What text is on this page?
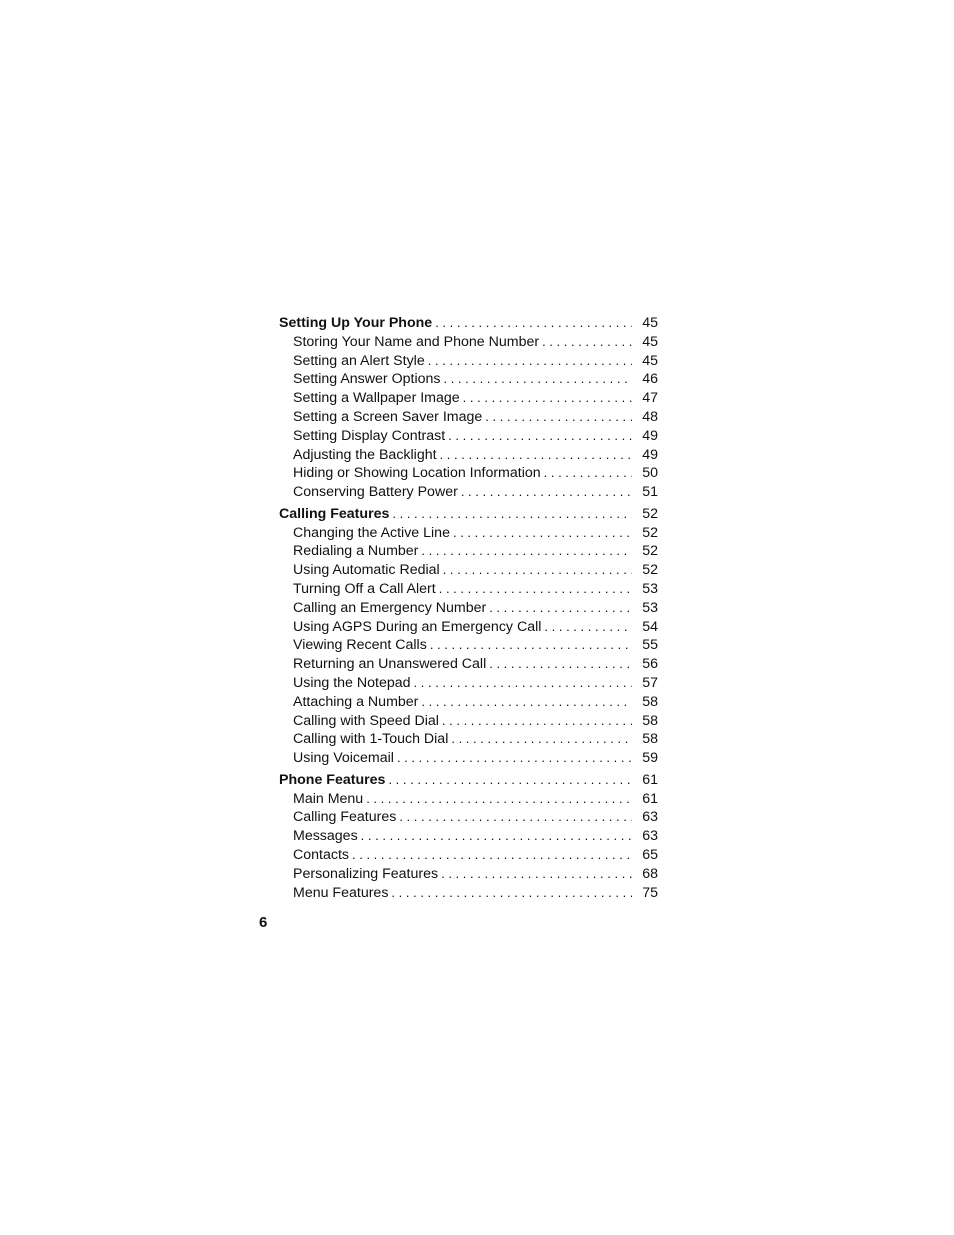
Setting Up Your Phone . . .	45
Storing Your Name and Phone Number . . .	45
Setting an Alert Style . . .	45
Setting Answer Options . . .	46
Setting a Wallpaper Image . . .	47
Setting a Screen Saver Image . . .	48
Setting Display Contrast . . .	49
Adjusting the Backlight . . .	49
Hiding or Showing Location Information . . .	50
Conserving Battery Power . . .	51
Calling Features . . .	52
Changing the Active Line . . .	52
Redialing a Number . . .	52
Using Automatic Redial . . .	52
Turning Off a Call Alert . . .	53
Calling an Emergency Number . . .	53
Using AGPS During an Emergency Call . . .	54
Viewing Recent Calls . . .	55
Returning an Unanswered Call . . .	56
Using the Notepad . . .	57
Attaching a Number . . .	58
Calling with Speed Dial . . .	58
Calling with 1-Touch Dial . . .	58
Using Voicemail . . .	59
Phone Features . . .	61
Main Menu . . .	61
Calling Features . . .	63
Messages . . .	63
Contacts . . .	65
Personalizing Features . . .	68
Menu Features . . .	75
6
